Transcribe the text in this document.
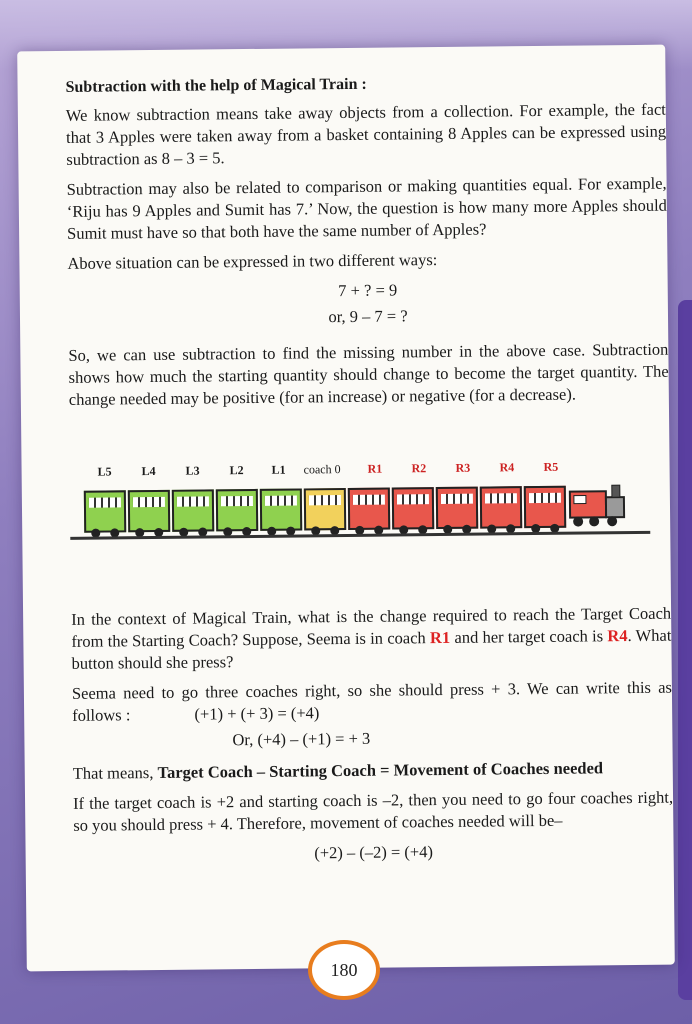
Subtraction with the help of Magical Train :

We know subtraction means take away objects from a collection. For example, the fact that 3 Apples were taken away from a basket containing 8 Apples can be expressed using subtraction as 8 – 3 = 5.

Subtraction may also be related to comparison or making quantities equal. For example, ‘Riju has 9 Apples and Sumit has 7.’ Now, the question is how many more Apples should Sumit must have so that both have the same number of Apples?

Above situation can be expressed in two different ways:

7 + ? = 9
or, 9 – 7 = ?

So, we can use subtraction to find the missing number in the above case. Subtraction shows how much the starting quantity should change to become the target quantity. The change needed may be positive (for an increase) or negative (for a decrease).

L5 L4 L3 L2 L1 coach 0 R1 R2 R3 R4 R5

In the context of Magical Train, what is the change required to reach the Target Coach from the Starting Coach? Suppose, Seema is in coach R1 and her target coach is R4. What button should she press?

Seema need to go three coaches right, so she should press + 3. We can write this as follows :	(+1) + (+ 3) = (+4)

Or, (+4) – (+1) = + 3

That means, Target Coach – Starting Coach = Movement of Coaches needed

If the target coach is +2 and starting coach is –2, then you need to go four coaches right, so you should press + 4. Therefore, movement of coaches needed will be–

(+2) – (–2) = (+4)
180
